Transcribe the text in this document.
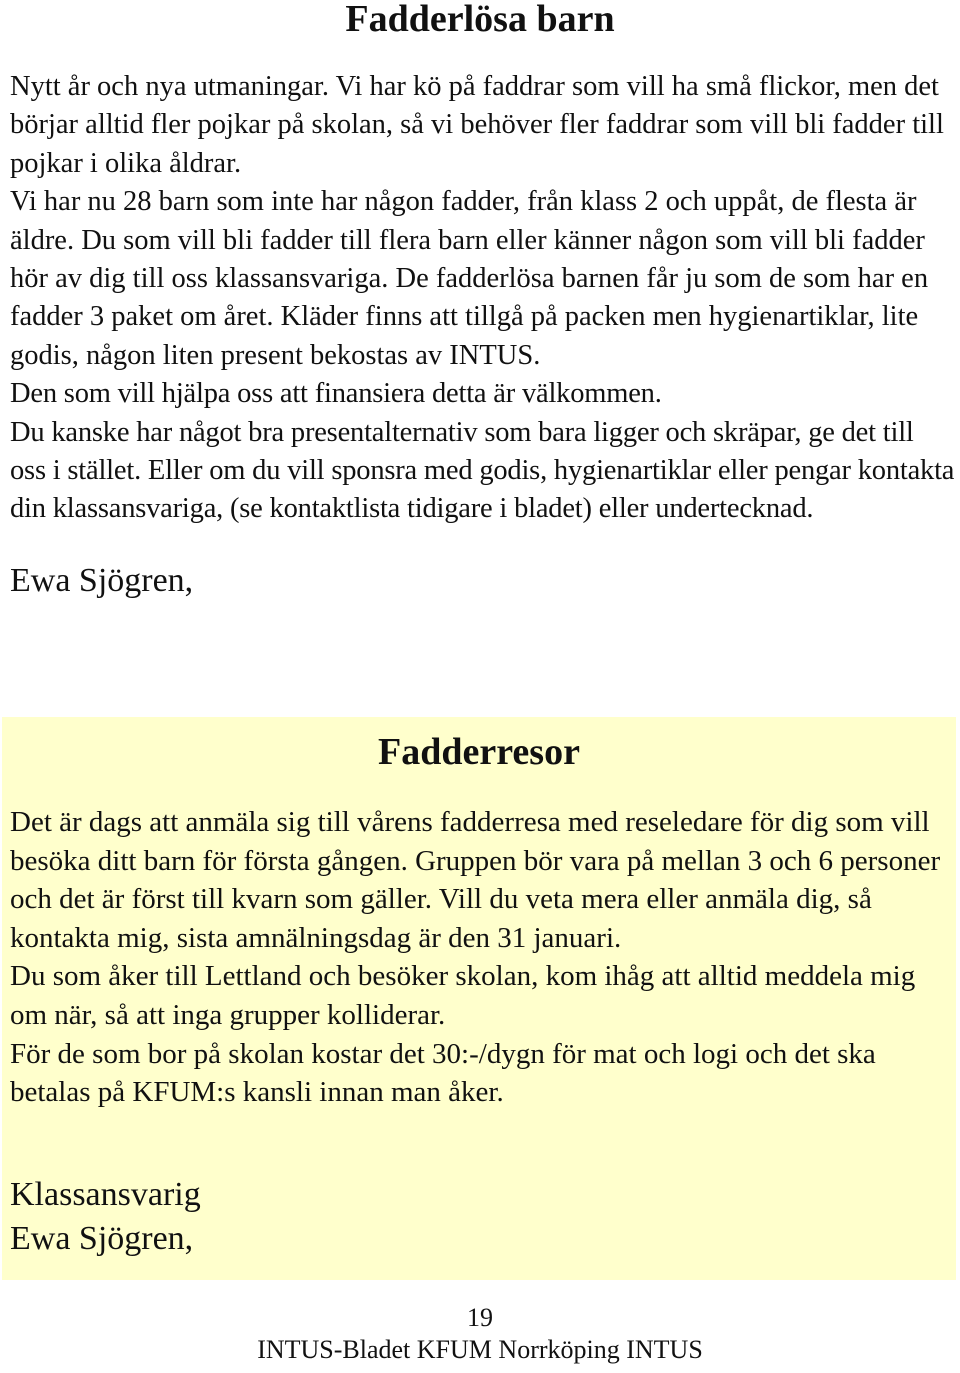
Fadderlösa barn

Nytt år och nya utmaningar. Vi har kö på faddrar som vill ha små flickor, men det börjar alltid fler pojkar på skolan, så vi behöver fler faddrar som vill bli fadder till pojkar i olika åldrar.

Vi har nu 28 barn som inte har någon fadder, från klass 2 och uppåt, de flesta är äldre. Du som vill bli fadder till flera barn eller känner någon som vill bli fadder hör av dig till oss klassansvariga. De fadderlösa barnen får ju som de som har en fadder 3 paket om året. Kläder finns att tillgå på packen men hygienartiklar, lite godis, någon liten present bekostas av INTUS.

Den som vill hjälpa oss att finansiera detta är välkommen.

Du kanske har något bra presentalternativ som bara ligger och skräpar, ge det till oss i stället. Eller om du vill sponsra med godis, hygienartiklar eller pengar kontakta din klassansvariga, (se kontaktlista tidigare i bladet) eller undertecknad.

Ewa Sjögren,

Fadderresor

Det är dags att anmäla sig till vårens fadderresa med reseledare för dig som vill besöka ditt barn för första gången. Gruppen bör vara på mellan 3 och 6 personer och det är först till kvarn som gäller. Vill du veta mera eller anmäla dig, så kontakta mig, sista amnälningsdag är den 31 januari.

Du som åker till Lettland och besöker skolan, kom ihåg att alltid meddela mig om när, så att inga grupper kolliderar.

För de som bor på skolan kostar det 30:-/dygn för mat och logi och det ska betalas på KFUM:s kansli innan man åker.

Klassansvarig
Ewa Sjögren,
19
INTUS-Bladet KFUM Norrköping INTUS
